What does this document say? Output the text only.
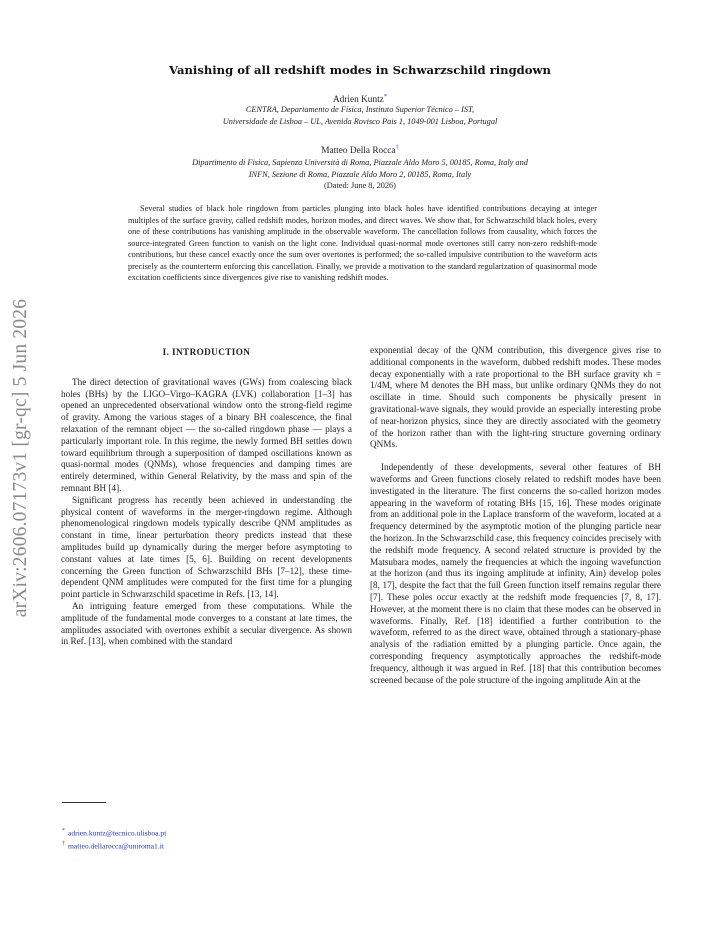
arXiv:2606.07173v1 [gr-qc] 5 Jun 2026
Vanishing of all redshift modes in Schwarzschild ringdown
Adrien Kuntz*
CENTRA, Departamento de Física, Instituto Superior Técnico – IST,
Universidade de Lisboa – UL, Avenida Rovisco Pais 1, 1049-001 Lisboa, Portugal
Matteo Della Rocca†
Dipartimento di Fisica, Sapienza Università di Roma, Piazzale Aldo Moro 5, 00185, Roma, Italy and
INFN, Sezione di Roma, Piazzale Aldo Moro 2, 00185, Roma, Italy
(Dated: June 8, 2026)
Several studies of black hole ringdown from particles plunging into black holes have identified contributions decaying at integer multiples of the surface gravity, called redshift modes, horizon modes, and direct waves. We show that, for Schwarzschild black holes, every one of these contributions has vanishing amplitude in the observable waveform. The cancellation follows from causality, which forces the source-integrated Green function to vanish on the light cone. Individual quasi-normal mode overtones still carry non-zero redshift-mode contributions, but these cancel exactly once the sum over overtones is performed; the so-called impulsive contribution to the waveform acts precisely as the counterterm enforcing this cancellation. Finally, we provide a motivation to the standard regularization of quasinormal mode excitation coefficients since divergences give rise to vanishing redshift modes.
I. INTRODUCTION

The direct detection of gravitational waves (GWs) from coalescing black holes (BHs) by the LIGO–Virgo–KAGRA (LVK) collaboration [1–3] has opened an unprecedented observational window onto the strong-field regime of gravity. Among the various stages of a binary BH coalescence, the final relaxation of the remnant object — the so-called ringdown phase — plays a particularly important role. In this regime, the newly formed BH settles down toward equilibrium through a superposition of damped oscillations known as quasi-normal modes (QNMs), whose frequencies and damping times are entirely determined, within General Relativity, by the mass and spin of the remnant BH [4].

Significant progress has recently been achieved in understanding the physical content of waveforms in the merger-ringdown regime. Although phenomenological ringdown models typically describe QNM amplitudes as constant in time, linear perturbation theory predicts instead that these amplitudes build up dynamically during the merger before asymptoting to constant values at late times [5, 6]. Building on recent developments concerning the Green function of Schwarzschild BHs [7–12], these time-dependent QNM amplitudes were computed for the first time for a plunging point particle in Schwarzschild spacetime in Refs. [13, 14].

An intriguing feature emerged from these computations. While the amplitude of the fundamental mode converges to a constant at late times, the amplitudes associated with overtones exhibit a secular divergence. As shown in Ref. [13], when combined with the standard

exponential decay of the QNM contribution, this divergence gives rise to additional components in the waveform, dubbed redshift modes. These modes decay exponentially with a rate proportional to the BH surface gravity κh = 1/4M, where M denotes the BH mass, but unlike ordinary QNMs they do not oscillate in time. Should such components be physically present in gravitational-wave signals, they would provide an especially interesting probe of near-horizon physics, since they are directly associated with the geometry of the horizon rather than with the light-ring structure governing ordinary QNMs.

Independently of these developments, several other features of BH waveforms and Green functions closely related to redshift modes have been investigated in the literature. The first concerns the so-called horizon modes appearing in the waveform of rotating BHs [15, 16]. These modes originate from an additional pole in the Laplace transform of the waveform, located at a frequency determined by the asymptotic motion of the plunging particle near the horizon. In the Schwarzschild case, this frequency coincides precisely with the redshift mode frequency. A second related structure is provided by the Matsubara modes, namely the frequencies at which the ingoing wavefunction at the horizon (and thus its ingoing amplitude at infinity, Ain) develop poles [8, 17], despite the fact that the full Green function itself remains regular there [7]. These poles occur exactly at the redshift mode frequencies [7, 8, 17]. However, at the moment there is no claim that these modes can be observed in waveforms. Finally, Ref. [18] identified a further contribution to the waveform, referred to as the direct wave, obtained through a stationary-phase analysis of the radiation emitted by a plunging particle. Once again, the corresponding frequency asymptotically approaches the redshift-mode frequency, although it was argued in Ref. [18] that this contribution becomes screened because of the pole structure of the ingoing amplitude Ain at the

* adrien.kuntz@tecnico.ulisboa.pt
† matteo.dellarocca@uniroma1.it
